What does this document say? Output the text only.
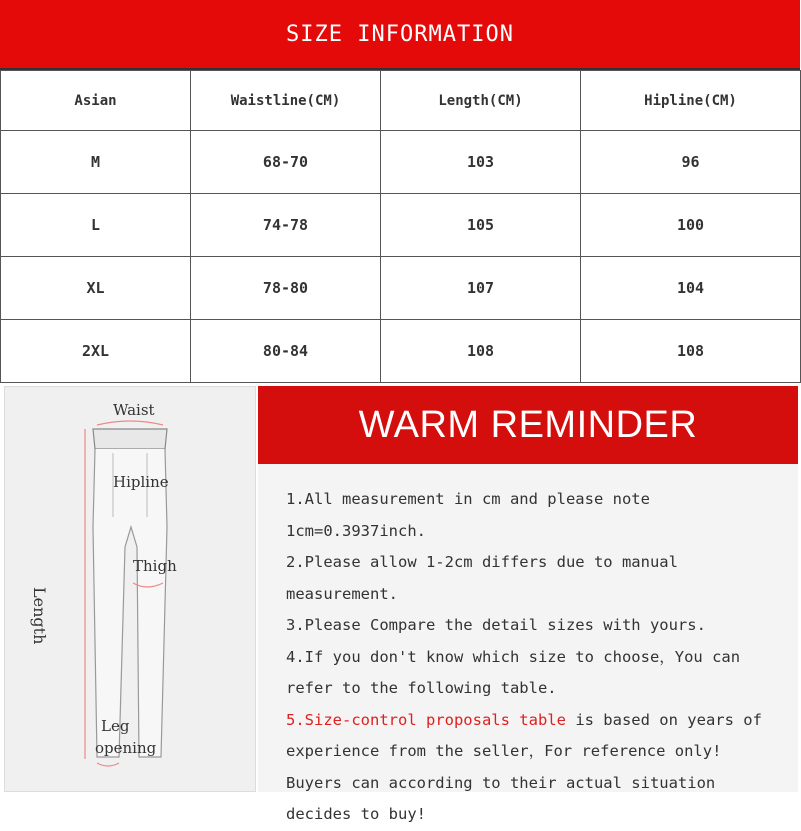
SIZE INFORMATION
Asian	Waistline(CM)	Length(CM)	Hipline(CM)
M	68-70	103	96
L	74-78	105	100
XL	78-80	107	104
2XL	80-84	108	108
Waist
Hipline
Thigh
Length
Leg
opening
WARM REMINDER
1.All measurement in cm and please note 1cm=0.3937inch.
2.Please allow 1-2cm differs due to manual measurement.
3.Please Compare the detail sizes with yours.
4.If you don't know which size to choose，You can refer to the following table.
5.Size-control proposals table is based on years of experience from the seller，For reference only! Buyers can according to their actual situation decides to buy!
